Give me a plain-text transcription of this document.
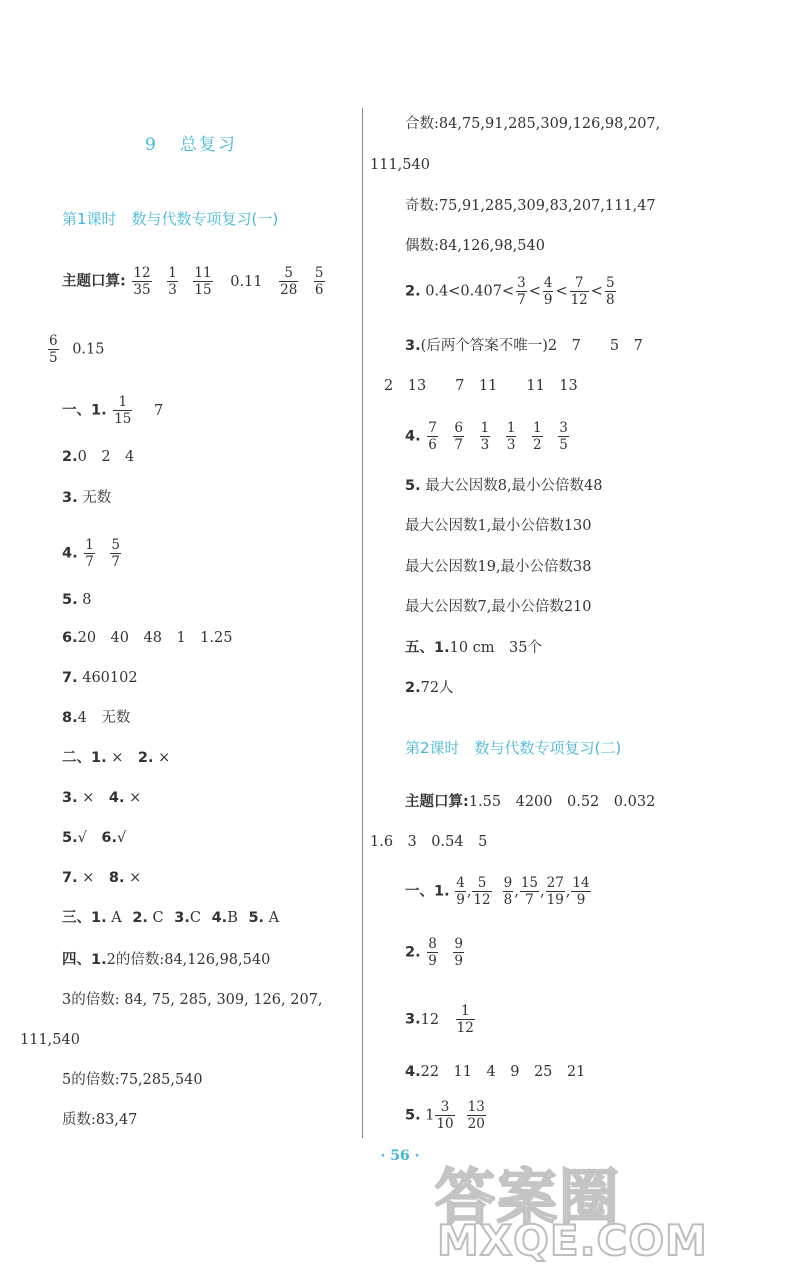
9 总复习
第1课时　数与代数专项复习(一)
主题口算: $\frac{12}{35}$
$\frac{1}{3}$
$\frac{11}{15} 0.11 \frac{5}{28}$
$\frac{5}{6}$
$\frac{6}{5} 0.15$
一、1. $\frac{1}{15} 7$
2.0　2　4
3. 无数
4. $\frac{1}{7}$
$\frac{5}{7}$
5. 8
6.20　40　48　1　1.25
7. 460102
8.4　无数
二、1. ×　 2. ×
3. ×　 4. ×
5.√　 6.√
7. ×　 8. ×
三、1. A 2. C 3.C 4.B 5. A
四、1.2的倍数:84,126,98,540
3的倍数: 84, 75, 285, 309, 126, 207,
111,540
5的倍数:75,285,540
质数:83,47
合数:84,75,91,285,309,126,98,207,
111,540
奇数:75,91,285,309,83,207,111,47
偶数:84,126,98,540
2. $0.4<0.407< \frac{3}{7} < \frac{4}{9} < \frac{7}{12} < \frac{5}{8}$
3.(后两个答案不唯一)2　7　　5　7
2　13　　7　11　　11　13
4. $\frac{7}{6}$
$\frac{6}{7}$
$\frac{1}{3}$
$\frac{1}{3}$
$\frac{1}{2}$
$\frac{3}{5}$
5. 最大公因数8,最小公倍数48
最大公因数1,最小公倍数130
最大公因数19,最小公倍数38
最大公因数7,最小公倍数210
五、1.10 cm　35个
2.72人
第2课时　数与代数专项复习(二)
主题口算:1.55　4200　0.52　0.032
1.6　3　0.54　5
一、1. $\frac{4}{9}$ , $\frac{5}{12} \frac{9}{8}$ , $\frac{15}{7}$ , $\frac{27}{19}$ , $\frac{14}{9}$
2. $\frac{8}{9}$
$\frac{9}{9}$
$3.12 \frac{1}{12}$
4.22　11　4　9　25　21
5. $1 \frac{3}{10} \frac{13}{20}$
· 56 ·
答案圈
MXQE.COM
